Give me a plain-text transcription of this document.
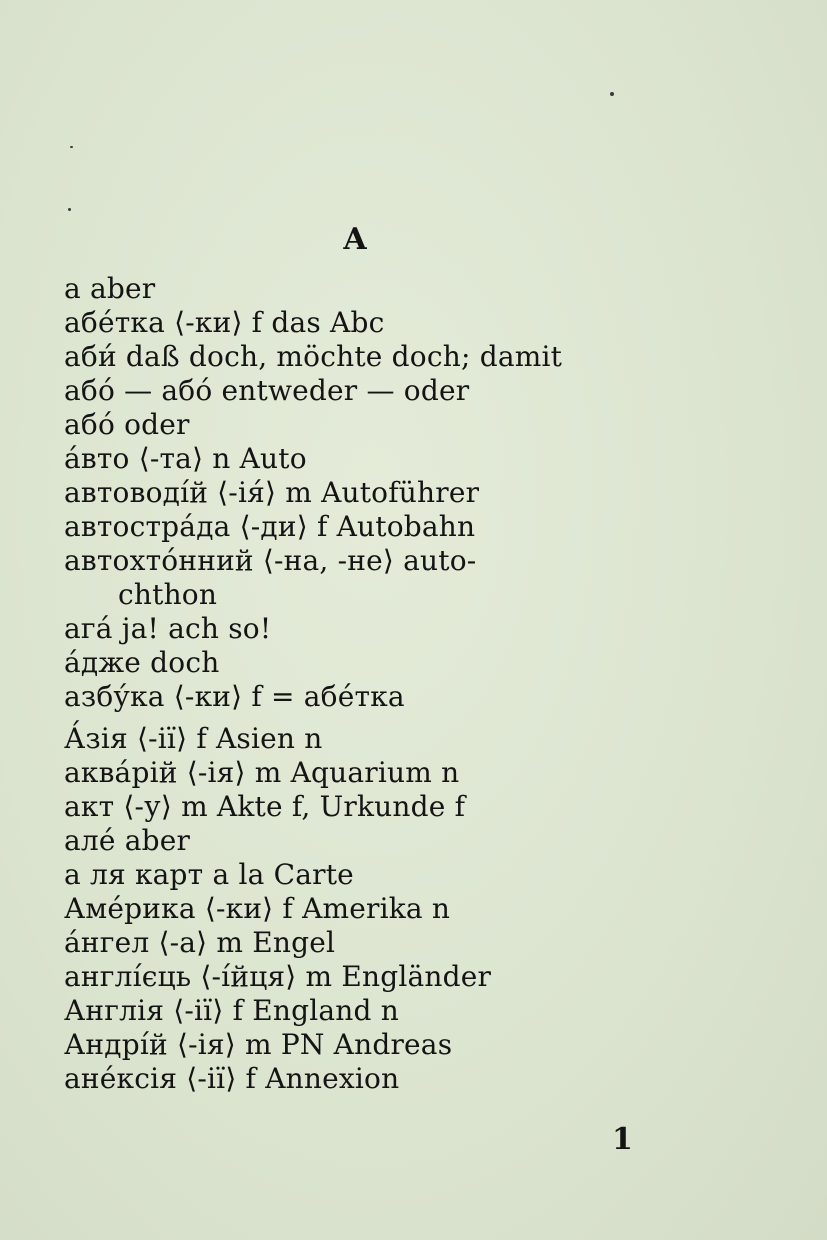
A
a aber
абе́тка ⟨-ки⟩ f das Abc
аби́ daß doch, möchte doch; damit
або́ — або́ entweder — oder
або́ oder
а́вто ⟨-та⟩ n Auto
автоводі́й ⟨-ія́⟩ m Autoführer
автостра́да ⟨-ди⟩ f Autobahn
автохто́нний ⟨-на, -не⟩ auto-
chthon
ага́ ja! ach so!
а́дже doch
азбу́ка ⟨-ки⟩ f = абе́тка
А́зія ⟨-ії⟩ f Asien n
аква́рій ⟨-ія⟩ m Aquarium n
акт ⟨-у⟩ m Akte f, Urkunde f
але́ aber
а ля карт a la Carte
Аме́рика ⟨-ки⟩ f Amerika n
а́нгел ⟨-а⟩ m Engel
англі́єць ⟨-і́йця⟩ m Engländer
Англія ⟨-ії⟩ f England n
Андрі́й ⟨-ія⟩ m PN Andreas
ане́ксія ⟨-ії⟩ f Annexion
1
